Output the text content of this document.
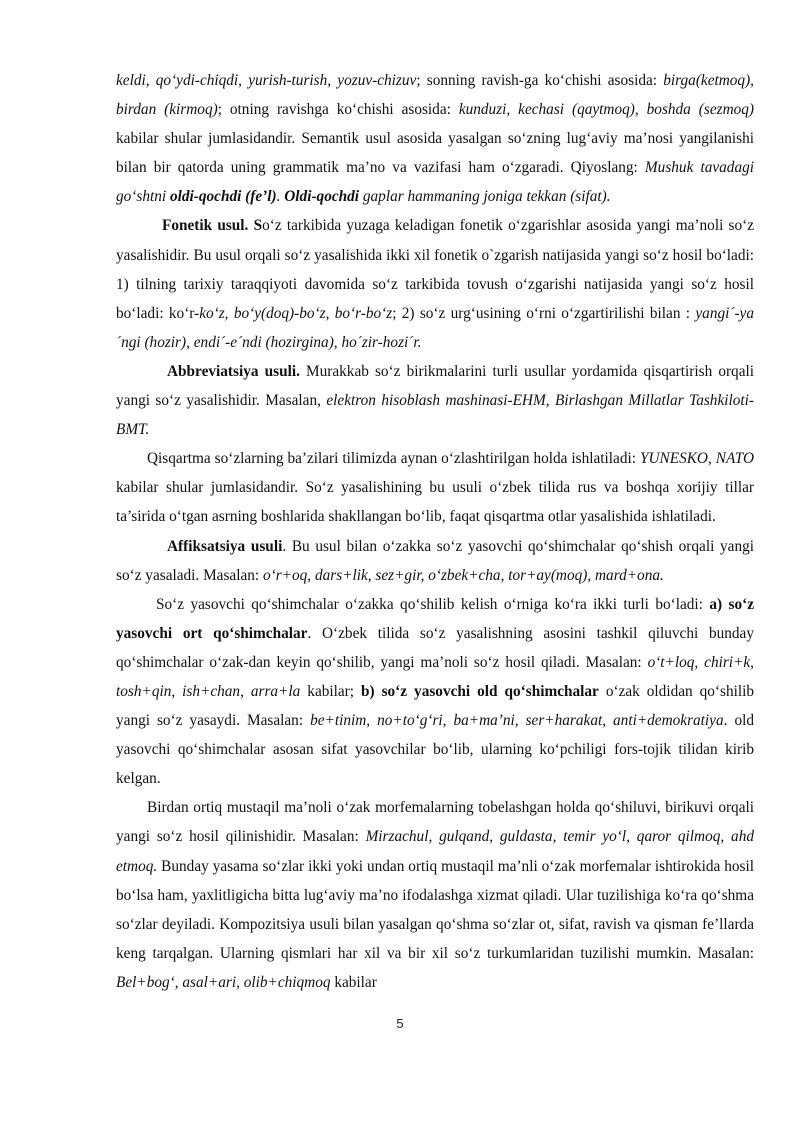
keldi, qo‘ydi-chiqdi, yurish-turish, yozuv-chizuv; sonning ravish-ga ko‘chishi asosida: birga(ketmoq), birdan (kirmoq); otning ravishga ko‘chishi asosida: kunduzi, kechasi (qaytmoq), boshda (sezmoq) kabilar shular jumlasidandir. Semantik usul asosida yasalgan so‘zning lug‘aviy ma’nosi yangilanishi bilan bir qatorda uning grammatik ma’no va vazifasi ham o‘zgaradi. Qiyoslang: Mushuk tavadagi go‘shtni oldi-qochdi (fe’l). Oldi-qochdi gaplar hammaning joniga tekkan (sifat).

Fonetik usul. So‘z tarkibida yuzaga keladigan fonetik o‘zgarishlar asosida yangi ma’noli so‘z yasalishidir. Bu usul orqali so‘z yasalishida ikki xil fonetik o`zgarish natijasida yangi so‘z hosil bo‘ladi: 1) tilning tarixiy taraqqiyoti davomida so‘z tarkibida tovush o‘zgarishi natijasida yangi so‘z hosil bo‘ladi: ko‘r-ko‘z, bo‘y(doq)-bo‘z, bo‘r-bo‘z; 2) so‘z urg‘usining o‘rni o‘zgartirilishi bilan : yangi´-ya´ngi (hozir), endi´-e´ndi (hozirgina), ho´zir-hozi´r.

Abbreviatsiya usuli. Murakkab so‘z birikmalarini turli usullar yordamida qisqartirish orqali yangi so‘z yasalishidir. Masalan, elektron hisoblash mashinasi-EHM, Birlashgan Millatlar Tashkiloti-BMT.

Qisqartma so‘zlarning ba’zilari tilimizda aynan o‘zlashtirilgan holda ishlatiladi: YUNESKO, NATO kabilar shular jumlasidandir. So‘z yasalishining bu usuli o‘zbek tilida rus va boshqa xorijiy tillar ta’sirida o‘tgan asrning boshlarida shakllangan bo‘lib, faqat qisqartma otlar yasalishida ishlatiladi.

Affiksatsiya usuli. Bu usul bilan o‘zakka so‘z yasovchi qo‘shimchalar qo‘shish orqali yangi so‘z yasaladi. Masalan: o‘r+oq, dars+lik, sez+gir, o‘zbek+cha, tor+ay(moq), mard+ona.

So‘z yasovchi qo‘shimchalar o‘zakka qo‘shilib kelish o‘rniga ko‘ra ikki turli bo‘ladi: a) so‘z yasovchi ort qo‘shimchalar. O‘zbek tilida so‘z yasalishning asosini tashkil qiluvchi bunday qo‘shimchalar o‘zak-dan keyin qo‘shilib, yangi ma’noli so‘z hosil qiladi. Masalan: o‘t+loq, chiri+k, tosh+qin, ish+chan, arra+la kabilar; b) so‘z yasovchi old qo‘shimchalar o‘zak oldidan qo‘shilib yangi so‘z yasaydi. Masalan: be+tinim, no+to‘g‘ri, ba+ma’ni, ser+harakat, anti+demokratiya. old yasovchi qo‘shimchalar asosan sifat yasovchilar bo‘lib, ularning ko‘pchiligi fors-tojik tilidan kirib kelgan.

Birdan ortiq mustaqil ma’noli o‘zak morfemalarning tobelashgan holda qo‘shiluvi, birikuvi orqali yangi so‘z hosil qilinishidir. Masalan: Mirzachul, gulqand, guldasta, temir yo‘l, qaror qilmoq, ahd etmoq. Bunday yasama so‘zlar ikki yoki undan ortiq mustaqil ma’nli o‘zak morfemalar ishtirokida hosil bo‘lsa ham, yaxlitligicha bitta lug‘aviy ma’no ifodalashga xizmat qiladi. Ular tuzilishiga ko‘ra qo‘shma so‘zlar deyiladi. Kompozitsiya usuli bilan yasalgan qo‘shma so‘zlar ot, sifat, ravish va qisman fe’llarda keng tarqalgan. Ularning qismlari har xil va bir xil so‘z turkumlaridan tuzilishi mumkin. Masalan: Bel+bog‘, asal+ari, olib+chiqmoq kabilar

5
